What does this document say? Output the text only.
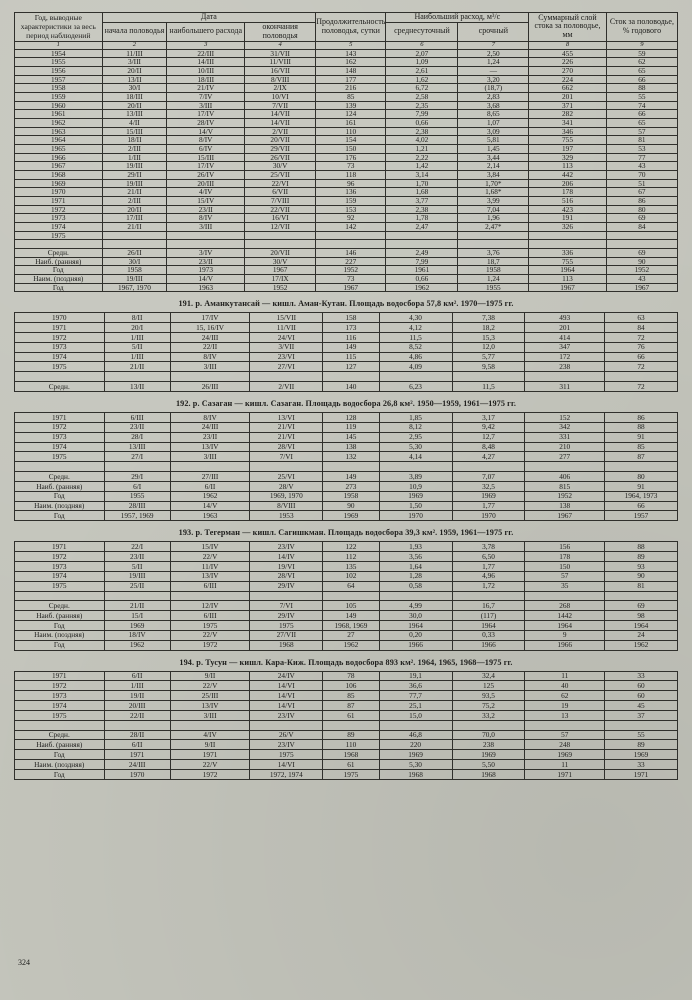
Год, выводные характеристики за весь период наблюдений	Дата			Продолжительность половодья, сутки	Наибольший расход, м³/с		Суммарный слой стока за половодье, мм	Сток за половодье, % годового
	начала половодья	наибольшего расхода	окончания половодья		среднесуточный	срочный		

1	2	3	4	5	6	7	8	9
1954	11/III	22/III	31/VII	143	2,07	2,50	455	59
1955	3/III	14/III	11/VIII	162	1,09	1,24	226	62
1956	20/II	10/III	16/VII	148	2,61	—	270	65
1957	13/II	18/III	8/VIII	177	1,62	3,20	224	66
1958	30/I	21/IV	2/IX	216	6,72	(18,7)	662	88
1959	18/III	7/IV	10/VI	85	2,58	2,83	201	55
1960	20/II	3/III	7/VII	139	2,35	3,68	371	74
1961	13/III	17/IV	14/VII	124	7,99	8,65	282	66
1962	4/II	28/IV	14/VII	161	0,66	1,07	341	65
1963	15/III	14/V	2/VII	110	2,38	3,09	346	57
1964	18/II	8/IV	20/VII	154	4,02	5,81	755	81
1965	2/III	6/IV	29/VII	150	1,21	1,45	197	53
1966	1/III	15/III	26/VII	176	2,22	3,44	329	77
1967	19/III	17/IV	30/V	73	1,42	2,14	113	43
1968	29/II	26/IV	25/VII	118	3,14	3,84	442	70
1969	19/III	20/III	22/VI	96	1,70	1,70*	206	51
1970	21/II	4/IV	6/VII	136	1,68	1,68*	178	67
1971	2/III	15/IV	7/VIII	159	3,77	3,99	516	86
1972	20/II	23/II	22/VII	153	2,38	7,04	423	80
1973	17/III	8/IV	16/VI	92	1,78	1,96	191	69
1974	21/II	3/III	12/VII	142	2,47	2,47*	326	84
1975								

Средн.	26/II	3/IV	20/VII	146	2,49	3,76	336	69
Наиб. (ранняя)	30/I	23/II	30/V	227	7,99	18,7	755	90
Год	1958	1973	1967	1952	1961	1958	1964	1952
Наим. (поздняя)	19/III	14/V	17/IX	73	0,66	1,24	113	43
Год	1967, 1970	1963	1952	1967	1962	1955	1967	1967
191. р. Аманкутансай — кишл. Аман-Кутан. Площадь водосбора 57,8 км². 1970—1975 гг.
1970	8/II	17/IV	15/VII	158	4,30	7,38	493	63
1971	20/I	15, 16/IV	11/VII	173	4,12	18,2	201	84
1972	1/III	24/III	24/VI	116	11,5	15,3	414	72
1973	5/II	22/II	3/VII	149	8,52	12,0	347	76
1974	1/III	8/IV	23/VI	115	4,86	5,77	172	66
1975	21/II	3/III	27/VI	127	4,09	9,58	238	72

Средн.	13/II	26/III	2/VII	140	6,23	11,5	311	72
192. р. Сазаган — кишл. Сазаган. Площадь водосбора 26,8 км². 1950—1959, 1961—1975 гг.
1971	6/III	8/IV	13/VI	128	1,85	3,17	152	86
1972	23/II	24/III	21/VI	119	8,12	9,42	342	88
1973	28/I	23/II	21/VI	145	2,95	12,7	331	91
1974	13/III	13/IV	28/VI	138	5,30	8,48	210	85
1975	27/I	3/III	7/VI	132	4,14	4,27	277	87

Средн.	29/I	27/III	25/VI	149	3,89	7,07	406	80
Наиб. (ранняя)	6/I	6/II	28/V	273	10,9	32,5	815	91
Год	1955	1962	1969, 1970	1958	1969	1969	1952	1964, 1973
Наим. (поздняя)	28/III	14/V	8/VIII	90	1,50	1,77	138	66
Год	1957, 1969	1963	1953	1969	1970	1970	1967	1957
193. р. Тегерман — кишл. Сагишкман. Площадь водосбора 39,3 км². 1959, 1961—1975 гг.
1971	22/I	15/IV	23/IV	122	1,93	3,78	156	88
1972	23/II	22/V	14/IV	112	3,56	6,50	178	89
1973	5/II	11/IV	19/VI	135	1,64	1,77	150	93
1974	19/III	13/IV	28/VI	102	1,28	4,96	57	90
1975	25/II	6/III	29/IV	64	0,58	1,72	35	81

Средн.	21/II	12/IV	7/VI	105	4,99	16,7	268	69
Наиб. (ранняя)	15/I	6/III	29/IV	149	30,0	(117)	1442	98
Год	1969	1975	1975	1968, 1969	1964	1964	1964	1964
Наим. (поздняя)	18/IV	22/V	27/VII	27	0,20	0,33	9	24
Год	1962	1972	1968	1962	1966	1966	1966	1962
194. р. Тусун — кишл. Кара-Киж. Площадь водосбора 893 км². 1964, 1965, 1968—1975 гг.
1971	6/II	9/II	24/IV	78	19,1	32,4	11	33
1972	1/III	22/V	14/VI	106	36,6	125	40	60
1973	19/II	25/III	14/VI	85	77,7	93,5	62	60
1974	20/III	13/IV	14/VI	87	25,1	75,2	19	45
1975	22/II	3/III	23/IV	61	15,0	33,2	13	37

Средн.	28/II	4/IV	26/V	89	46,8	70,0	57	55
Наиб. (ранняя)	6/II	9/II	23/IV	110	220	238	248	89
Год	1971	1971	1975	1968	1969	1969	1969	1969
Наим. (поздняя)	24/III	22/V	14/VI	61	5,30	5,50	11	33
Год	1970	1972	1972, 1974	1975	1968	1968	1971	1971
324
